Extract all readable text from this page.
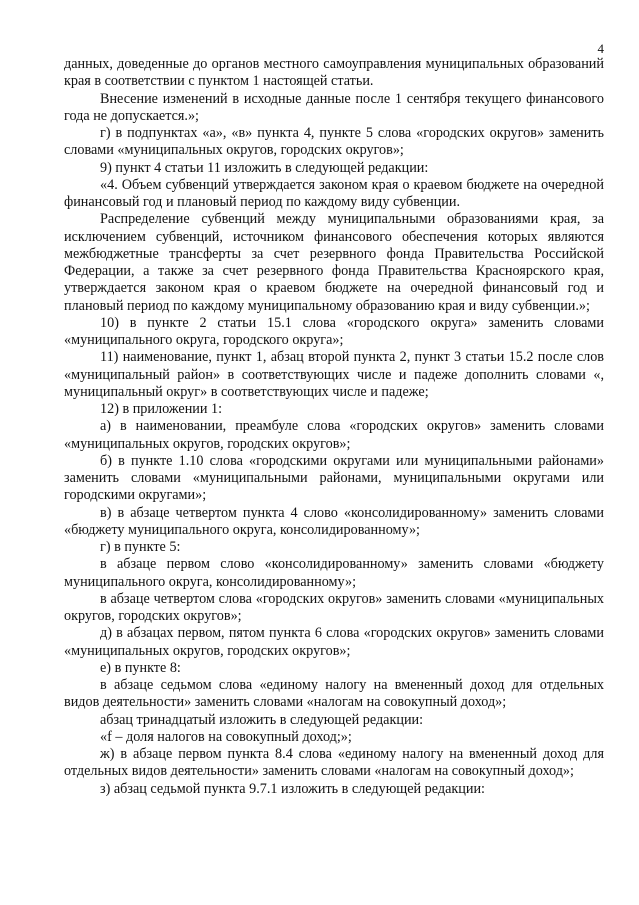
4

данных, доведенные до органов местного самоуправления муниципальных образований края в соответствии с пунктом 1 настоящей статьи.

Внесение изменений в исходные данные после 1 сентября текущего финансового года не допускается.»;

г) в подпунктах «а», «в» пункта 4, пункте 5 слова «городских округов» заменить словами «муниципальных округов, городских округов»;

9) пункт 4 статьи 11 изложить в следующей редакции:

«4. Объем субвенций утверждается законом края о краевом бюджете на очередной финансовый год и плановый период по каждому виду субвенции.

Распределение субвенций между муниципальными образованиями края, за исключением субвенций, источником финансового обеспечения которых являются межбюджетные трансферты за счет резервного фонда Правительства Российской Федерации, а также за счет резервного фонда Правительства Красноярского края, утверждается законом края о краевом бюджете на очередной финансовый год и плановый период по каждому муниципальному образованию края и виду субвенции.»;

10) в пункте 2 статьи 15.1 слова «городского округа» заменить словами «муниципального округа, городского округа»;

11) наименование, пункт 1, абзац второй пункта 2, пункт 3 статьи 15.2 после слов «муниципальный район» в соответствующих числе и падеже дополнить словами «, муниципальный округ» в соответствующих числе и падеже;

12) в приложении 1:

а) в наименовании, преамбуле слова «городских округов» заменить словами «муниципальных округов, городских округов»;

б) в пункте 1.10 слова «городскими округами или муниципальными районами» заменить словами «муниципальными районами, муниципальными округами или городскими округами»;

в) в абзаце четвертом пункта 4 слово «консолидированному» заменить словами «бюджету муниципального округа, консолидированному»;

г) в пункте 5:

в абзаце первом слово «консолидированному» заменить словами «бюджету муниципального округа, консолидированному»;

в абзаце четвертом слова «городских округов» заменить словами «муниципальных округов, городских округов»;

д) в абзацах первом, пятом пункта 6 слова «городских округов» заменить словами «муниципальных округов, городских округов»;

е) в пункте 8:

в абзаце седьмом слова «единому налогу на вмененный доход для отдельных видов деятельности» заменить словами «налогам на совокупный доход»;

абзац тринадцатый изложить в следующей редакции:

«f – доля налогов на совокупный доход;»;

ж) в абзаце первом пункта 8.4 слова «единому налогу на вмененный доход для отдельных видов деятельности» заменить словами «налогам на совокупный доход»;

з) абзац седьмой пункта 9.7.1 изложить в следующей редакции:
